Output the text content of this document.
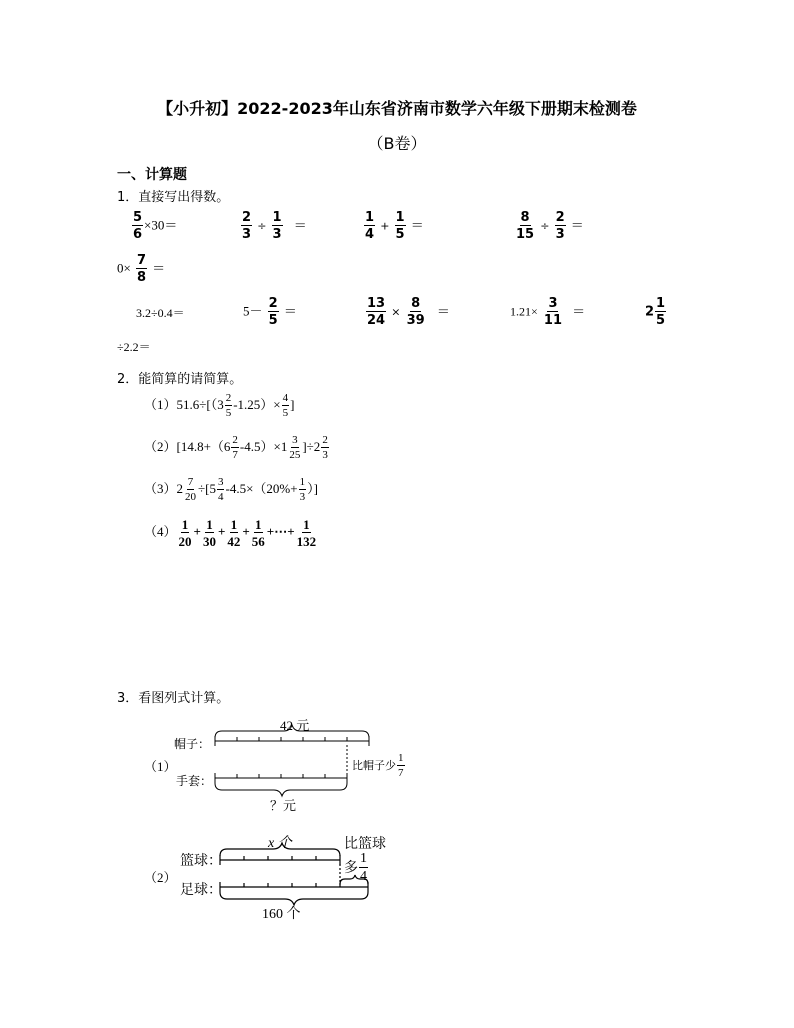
【小升初】2022-2023年山东省济南市数学六年级下册期末检测卷
（B卷）
一、计算题
1．直接写出得数。
$\frac{5}{6} \times 30=$	$\frac{2}{3} \div \frac{1}{3}$ ＝	$\frac{1}{4} + \frac{1}{5}$ ＝	$\frac{8}{15} \div \frac{2}{3}$ ＝
$0\times \frac{7}{8}$ ＝
3.2÷0.4＝	$5- \frac{2}{5}$ ＝	$\frac{13}{24} \times \frac{8}{39}$ ＝	$1.21\times \frac{3}{11}$ ＝	$2 \frac{1}{5}$
÷2.2＝
2．能简算的请简算。
$(1)51.6\div[(3 \frac{2}{5} -1.25)\times \frac{4}{5}$ ]
$(2)[14.8+(6 \frac{2}{7} -4.5)\times 1 \frac{3}{25} ]\div 2 \frac{2}{3}$
$(3)2 \frac{7}{20} \div[5 \frac{3}{4} -4.5\times(20\%+ \frac{1}{3}$ ）]
$(4) \frac{1}{20} + \frac{1}{30} + \frac{1}{42} + \frac{1}{56}$ +⋯+ $\frac{1}{132}$
3．看图列式计算。
（1）
42 元
帽子：
手套：
比帽子少 $\frac{1}{7}$
？元
（2）
x 个
篮球：
足球：
比篮球
多 $\frac{1}{4}$
160 个
